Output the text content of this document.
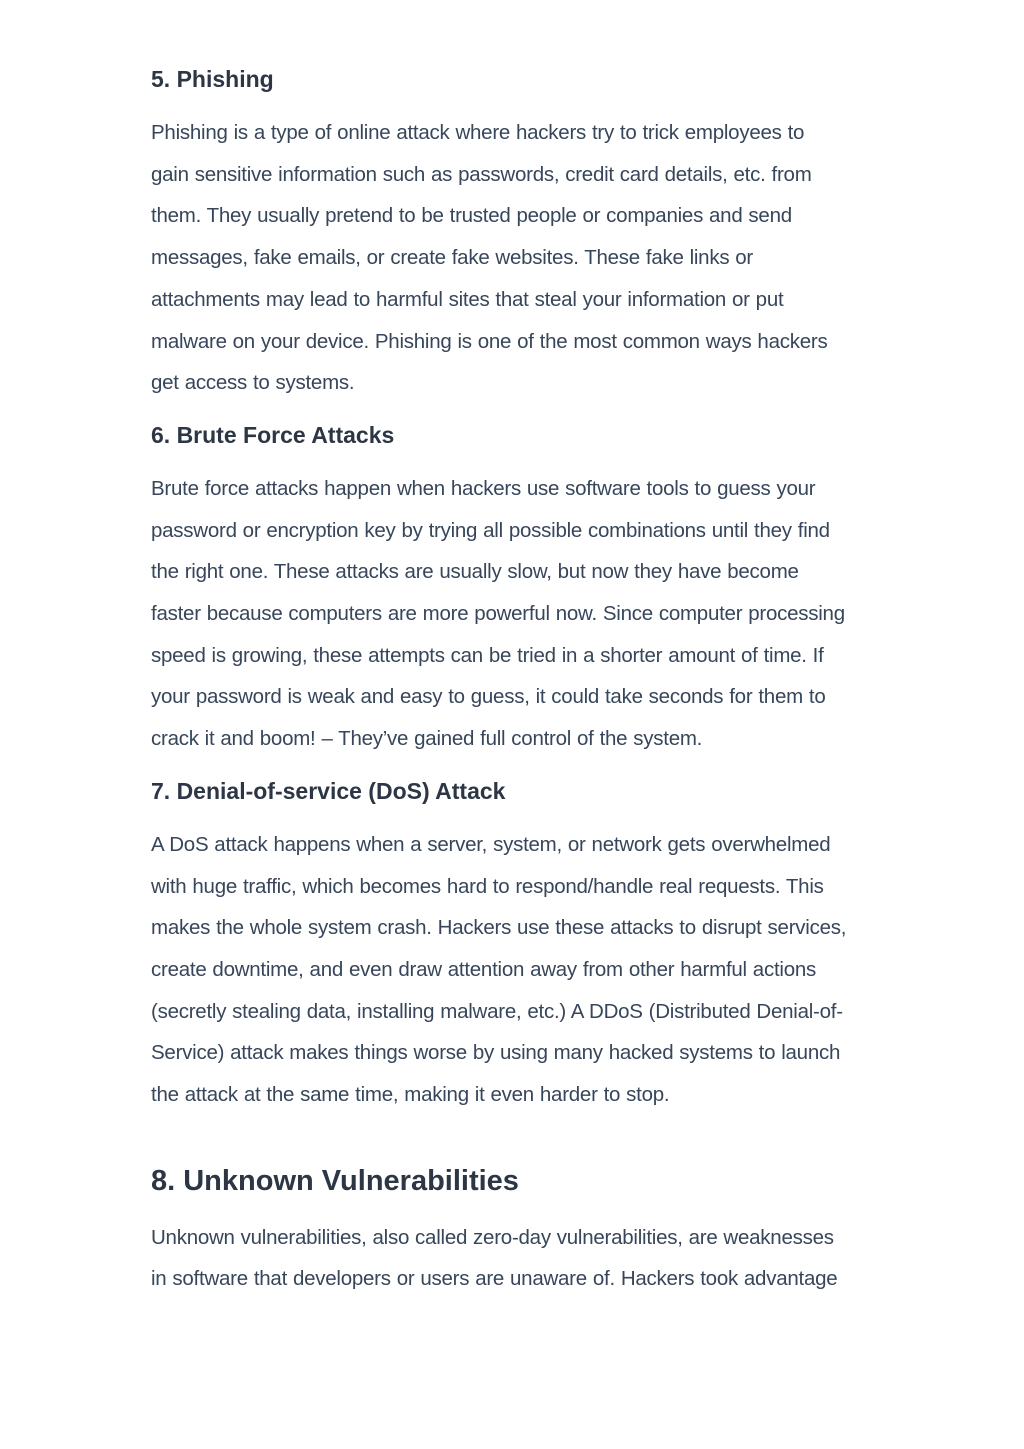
5. Phishing

Phishing is a type of online attack where hackers try to trick employees to
gain sensitive information such as passwords, credit card details, etc. from
them. They usually pretend to be trusted people or companies and send
messages, fake emails, or create fake websites. These fake links or
attachments may lead to harmful sites that steal your information or put
malware on your device. Phishing is one of the most common ways hackers
get access to systems.

6. Brute Force Attacks

Brute force attacks happen when hackers use software tools to guess your
password or encryption key by trying all possible combinations until they find
the right one. These attacks are usually slow, but now they have become
faster because computers are more powerful now. Since computer processing
speed is growing, these attempts can be tried in a shorter amount of time. If
your password is weak and easy to guess, it could take seconds for them to
crack it and boom! – They’ve gained full control of the system.

7. Denial-of-service (DoS) Attack

A DoS attack happens when a server, system, or network gets overwhelmed
with huge traffic, which becomes hard to respond/handle real requests. This
makes the whole system crash. Hackers use these attacks to disrupt services,
create downtime, and even draw attention away from other harmful actions
(secretly stealing data, installing malware, etc.) A DDoS (Distributed Denial-of-
Service) attack makes things worse by using many hacked systems to launch
the attack at the same time, making it even harder to stop.

8. Unknown Vulnerabilities

Unknown vulnerabilities, also called zero-day vulnerabilities, are weaknesses
in software that developers or users are unaware of. Hackers took advantage
